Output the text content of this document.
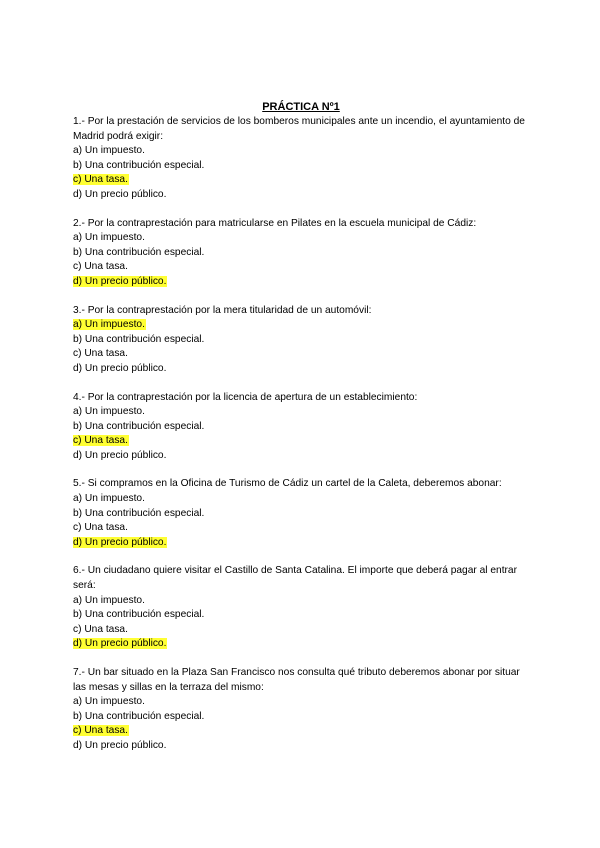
PRÁCTICA Nº1

1.- Por la prestación de servicios de los bomberos municipales ante un incendio, el ayuntamiento de Madrid podrá exigir:

a) Un impuesto.
b) Una contribución especial.
c) Una tasa.
d) Un precio público.

2.- Por la contraprestación para matricularse en Pilates en la escuela municipal de Cádiz:

a) Un impuesto.
b) Una contribución especial.
c) Una tasa.
d) Un precio público.

3.- Por la contraprestación por la mera titularidad de un automóvil:

a) Un impuesto.
b) Una contribución especial.
c) Una tasa.
d) Un precio público.

4.- Por la contraprestación por la licencia de apertura de un establecimiento:

a) Un impuesto.
b) Una contribución especial.
c) Una tasa.
d) Un precio público.

5.- Si compramos en la Oficina de Turismo de Cádiz un cartel de la Caleta, deberemos abonar:

a) Un impuesto.
b) Una contribución especial.
c) Una tasa.
d) Un precio público.

6.- Un ciudadano quiere visitar el Castillo de Santa Catalina. El importe que deberá pagar al entrar será:

a) Un impuesto.
b) Una contribución especial.
c) Una tasa.
d) Un precio público.

7.- Un bar situado en la Plaza San Francisco nos consulta qué tributo deberemos abonar por situar las mesas y sillas en la terraza del mismo:

a) Un impuesto.
b) Una contribución especial.
c) Una tasa.
d) Un precio público.
